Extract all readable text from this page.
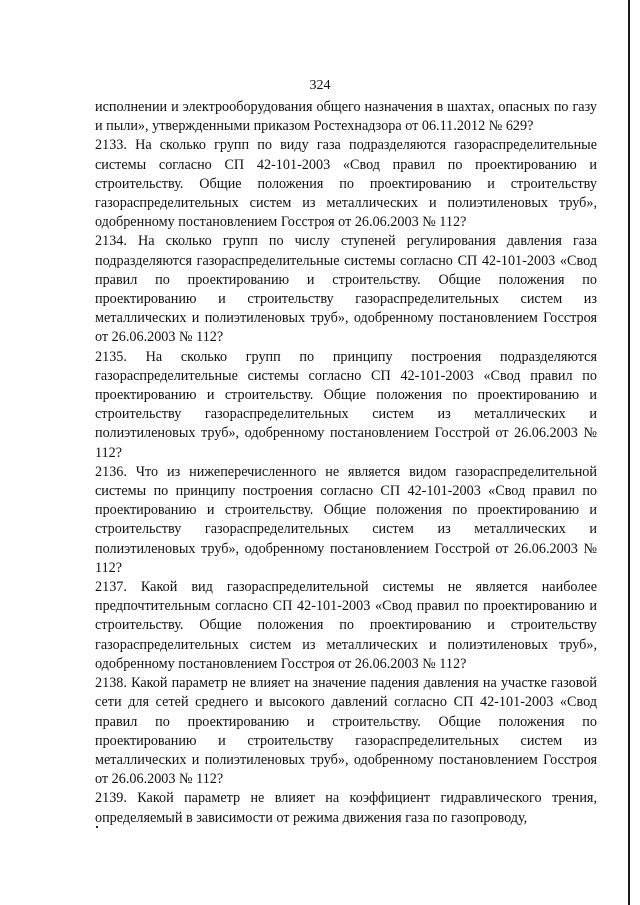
324

исполнении и электрооборудования общего назначения в шахтах, опасных по газу и пыли», утвержденными приказом Ростехнадзора от 06.11.2012 № 629?

2133. На сколько групп по виду газа подразделяются газораспределительные системы согласно СП 42-101-2003 «Свод правил по проектированию и строительству. Общие положения по проектированию и строительству газораспределительных систем из металлических и полиэтиленовых труб», одобренному постановлением Госстроя от 26.06.2003 № 112?

2134. На сколько групп по числу ступеней регулирования давления газа подразделяются газораспределительные системы согласно СП 42-101-2003 «Свод правил по проектированию и строительству. Общие положения по проектированию и строительству газораспределительных систем из металлических и полиэтиленовых труб», одобренному постановлением Госстроя от 26.06.2003 № 112?

2135. На сколько групп по принципу построения подразделяются газораспределительные системы согласно СП 42-101-2003 «Свод правил по проектированию и строительству. Общие положения по проектированию и строительству газораспределительных систем из металлических и полиэтиленовых труб», одобренному постановлением Госстрой от 26.06.2003 № 112?

2136. Что из нижеперечисленного не является видом газораспределительной системы по принципу построения согласно СП 42-101-2003 «Свод правил по проектированию и строительству. Общие положения по проектированию и строительству газораспределительных систем из металлических и полиэтиленовых труб», одобренному постановлением Госстрой от 26.06.2003 № 112?

2137. Какой вид газораспределительной системы не является наиболее предпочтительным согласно СП 42-101-2003 «Свод правил по проектированию и строительству. Общие положения по проектированию и строительству газораспределительных систем из металлических и полиэтиленовых труб», одобренному постановлением Госстроя от 26.06.2003 № 112?

2138. Какой параметр не влияет на значение падения давления на участке газовой сети для сетей среднего и высокого давлений согласно СП 42-101-2003 «Свод правил по проектированию и строительству. Общие положения по проектированию и строительству газораспределительных систем из металлических и полиэтиленовых труб», одобренному постановлением Госстроя от 26.06.2003 № 112?

2139. Какой параметр не влияет на коэффициент гидравлического трения, определяемый в зависимости от режима движения газа по газопроводу,
